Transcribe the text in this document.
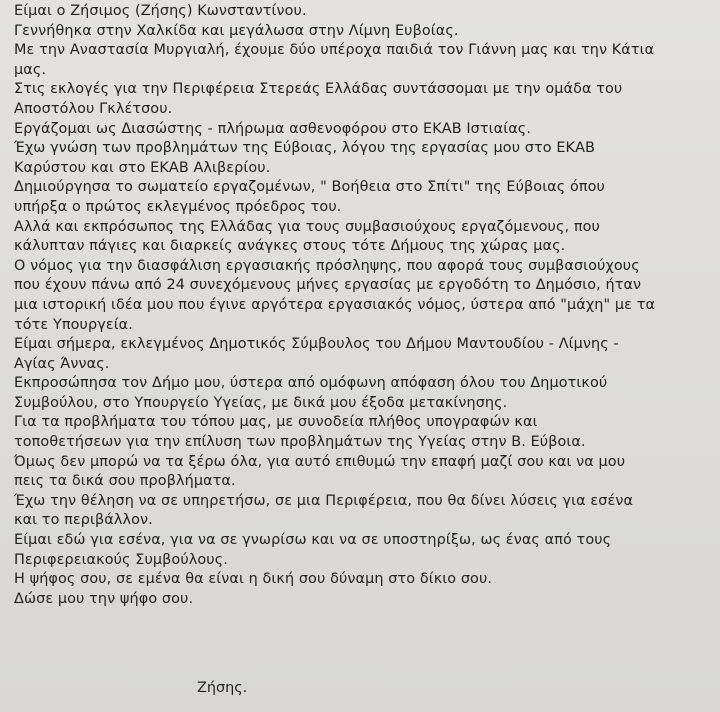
Είμαι ο Ζήσιμος (Ζήσης) Κωνσταντίνου.
Γεννήθηκα στην Χαλκίδα και μεγάλωσα στην Λίμνη Ευβοίας.
Με την Αναστασία Μυργιαλή, έχουμε δύο υπέροχα παιδιά τον Γιάννη μας και την Κάτια
μας.
Στις εκλογές για την Περιφέρεια Στερεάς Ελλάδας συντάσσομαι με την ομάδα του
Αποστόλου Γκλέτσου.
Εργάζομαι ως Διασώστης - πλήρωμα ασθενοφόρου στο ΕΚΑΒ Ιστιαίας.
Έχω γνώση των προβλημάτων της Εύβοιας, λόγου της εργασίας μου στο ΕΚΑΒ
Καρύστου και στο ΕΚΑΒ Αλιβερίου.
Δημιούργησα το σωματείο εργαζομένων, " Βοήθεια στο Σπίτι" της Εύβοιας όπου
υπήρξα ο πρώτος εκλεγμένος πρόεδρος του.
Αλλά και εκπρόσωπος της Ελλάδας για τους συμβασιούχους εργαζόμενους, που
κάλυπταν πάγιες και διαρκείς ανάγκες στους τότε Δήμους της χώρας μας.
Ο νόμος για την διασφάλιση εργασιακής πρόσληψης, που αφορά τους συμβασιούχους
που έχουν πάνω από 24 συνεχόμενους μήνες εργασίας με εργοδότη το Δημόσιο, ήταν
μια ιστορική ιδέα μου που έγινε αργότερα εργασιακός νόμος, ύστερα από "μάχη" με τα
τότε Υπουργεία.
Είμαι σήμερα, εκλεγμένος Δημοτικός Σύμβουλος του Δήμου Μαντουδίου - Λίμνης -
Αγίας Άννας.
Εκπροσώπησα τον Δήμο μου, ύστερα από ομόφωνη απόφαση όλου του Δημοτικού
Συμβούλου, στο Υπουργείο Υγείας, με δικά μου έξοδα μετακίνησης.
Για τα προβλήματα του τόπου μας, με συνοδεία πλήθος υπογραφών και
τοποθετήσεων για την επίλυση των προβλημάτων της Υγείας στην Β. Εύβοια.
Όμως δεν μπορώ να τα ξέρω όλα, για αυτό επιθυμώ την επαφή μαζί σου και να μου
πεις τα δικά σου προβλήματα.
Έχω την θέληση να σε υπηρετήσω, σε μια Περιφέρεια, που θα δίνει λύσεις για εσένα
και το περιβάλλον.
Είμαι εδώ για εσένα, για να σε γνωρίσω και να σε υποστηρίξω, ως ένας από τους
Περιφερειακούς Συμβούλους.
Η ψήφος σου, σε εμένα θα είναι η δική σου δύναμη στο δίκιο σου.
Δώσε μου την ψήφο σου.
Ζήσης.
